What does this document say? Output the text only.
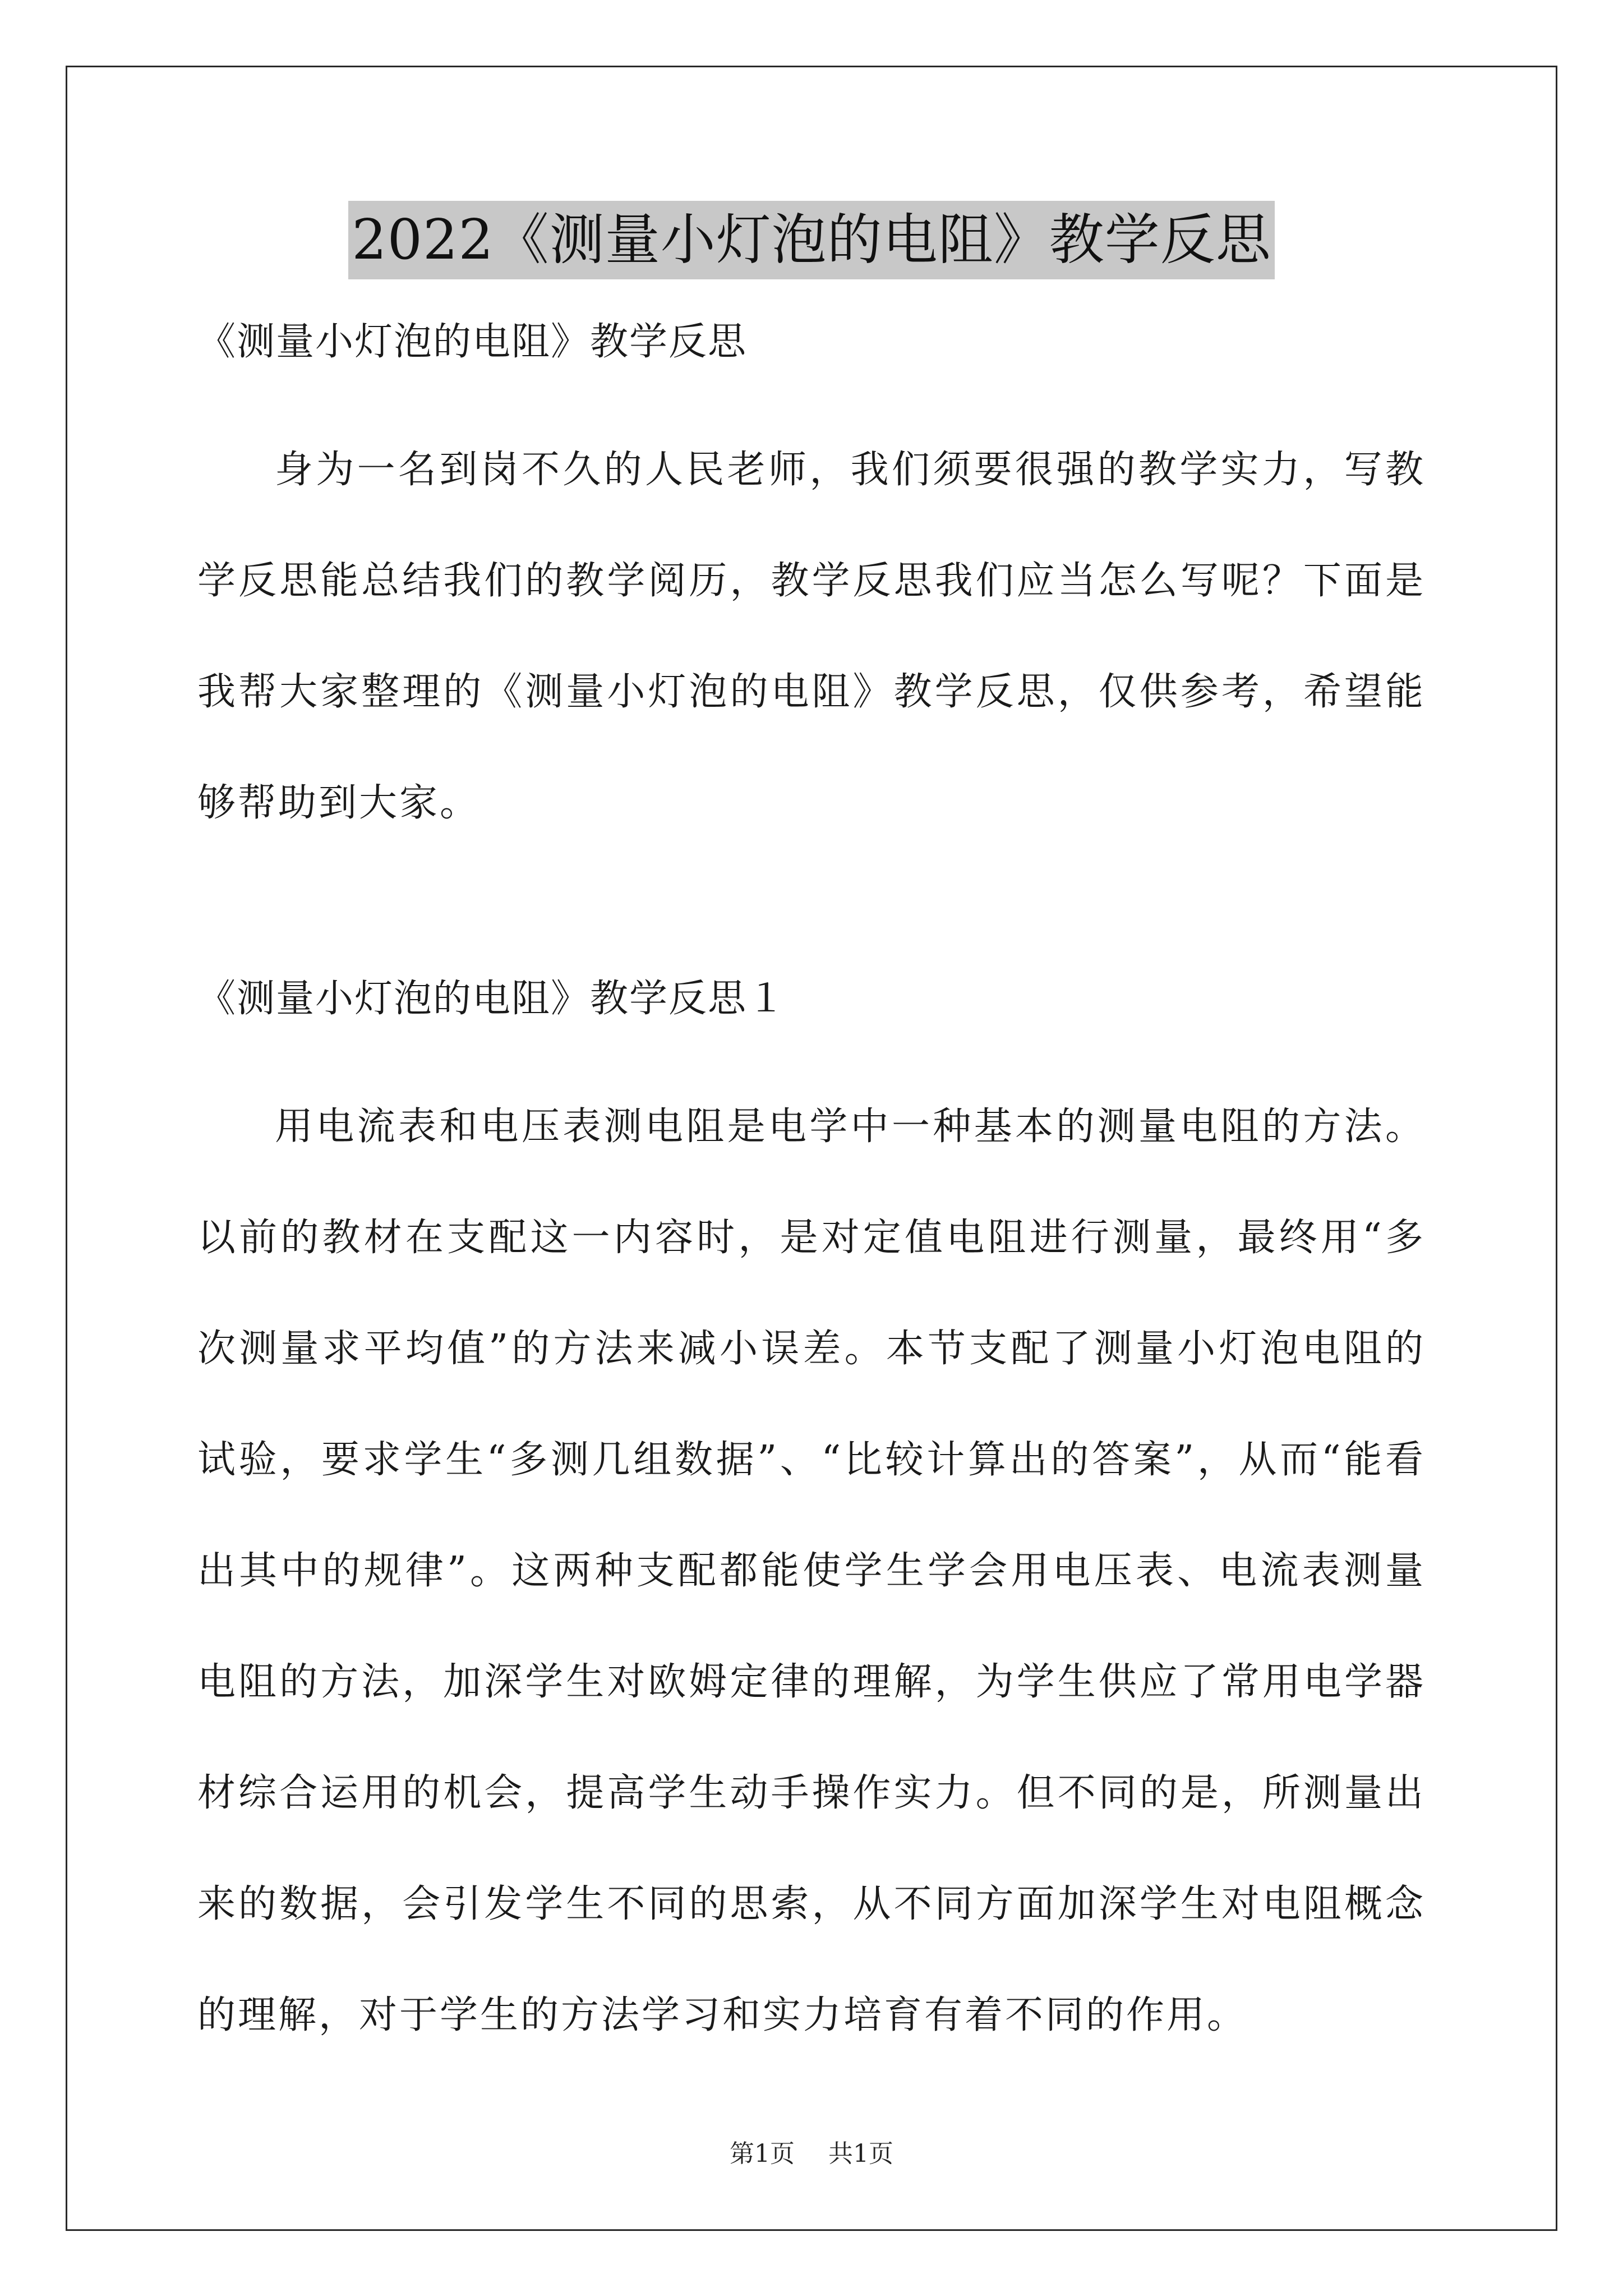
2022《测量小灯泡的电阻》教学反思

《测量小灯泡的电阻》教学反思

身为一名到岗不久的人民老师，我们须要很强的教学实力，写教学反思能总结我们的教学阅历，教学反思我们应当怎么写呢？下面是我帮大家整理的《测量小灯泡的电阻》教学反思，仅供参考，希望能够帮助到大家。

《测量小灯泡的电阻》教学反思１

用电流表和电压表测电阻是电学中一种基本的测量电阻的方法。以前的教材在支配这一内容时，是对定值电阻进行测量，最终用“多次测量求平均值”的方法来减小误差。本节支配了测量小灯泡电阻的试验，要求学生“多测几组数据”、“比较计算出的答案”，从而“能看出其中的规律”。这两种支配都能使学生学会用电压表、电流表测量电阻的方法，加深学生对欧姆定律的理解，为学生供应了常用电学器材综合运用的机会，提高学生动手操作实力。但不同的是，所测量出来的数据，会引发学生不同的思索，从不同方面加深学生对电阻概念的理解，对于学生的方法学习和实力培育有着不同的作用。

第1页 共1页
